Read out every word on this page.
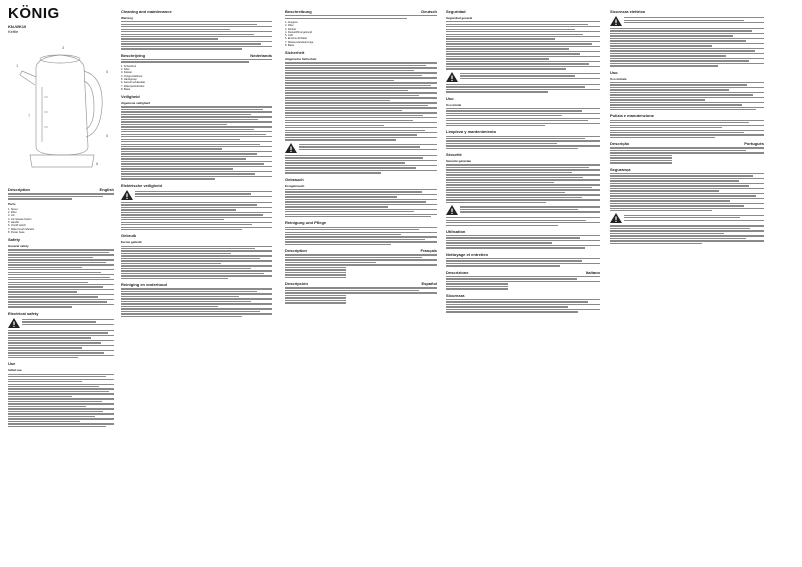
KÖNIG
KN-WK10
Kettle
1
3
5
6
7
8
Description	English
Parts
1. Spout
2. Filter
3. Lid
4. Lid release button
5. Handle
6. On/off switch
7. Water level indicator
8. Power base
Safety
General safety
Electrical safety
Use
Initial use
Cleaning and maintenance
Warning
Beschrijving	Nederlands
1. Schenktuit
2. Filter
3. Deksel
4. Ontgrendelknop
5. Handgreep
6. Aan/uit-schakelaar
7. Waterpeilindicator
8. Basis
Veiligheid
Algemene veiligheid
Elektrische veiligheid
Gebruik
Eerste gebruik
Reiniging en onderhoud
Beschreibung	Deutsch
1. Ausguss
2. Filter
3. Deckel
4. Deckelöffnungsknopf
5. Griff
6. Ein/Aus-Schalter
7. Wasserstandsanzeige
8. Basis
Sicherheit
Allgemeine Sicherheit
Gebrauch
Erstgebrauch
Reinigung und Pflege
Description	Français
Descripción	Español
Seguridad
Seguridad general
Uso
Uso inicial
Limpieza y mantenimiento
Sécurité
Sécurité générale
Utilisation
Nettoyage et entretien
Descrizione	Italiano
Sicurezza
Sicurezza elettrica
Uso
Uso iniziale
Pulizia e manutenzione
Descrição	Português
Segurança
